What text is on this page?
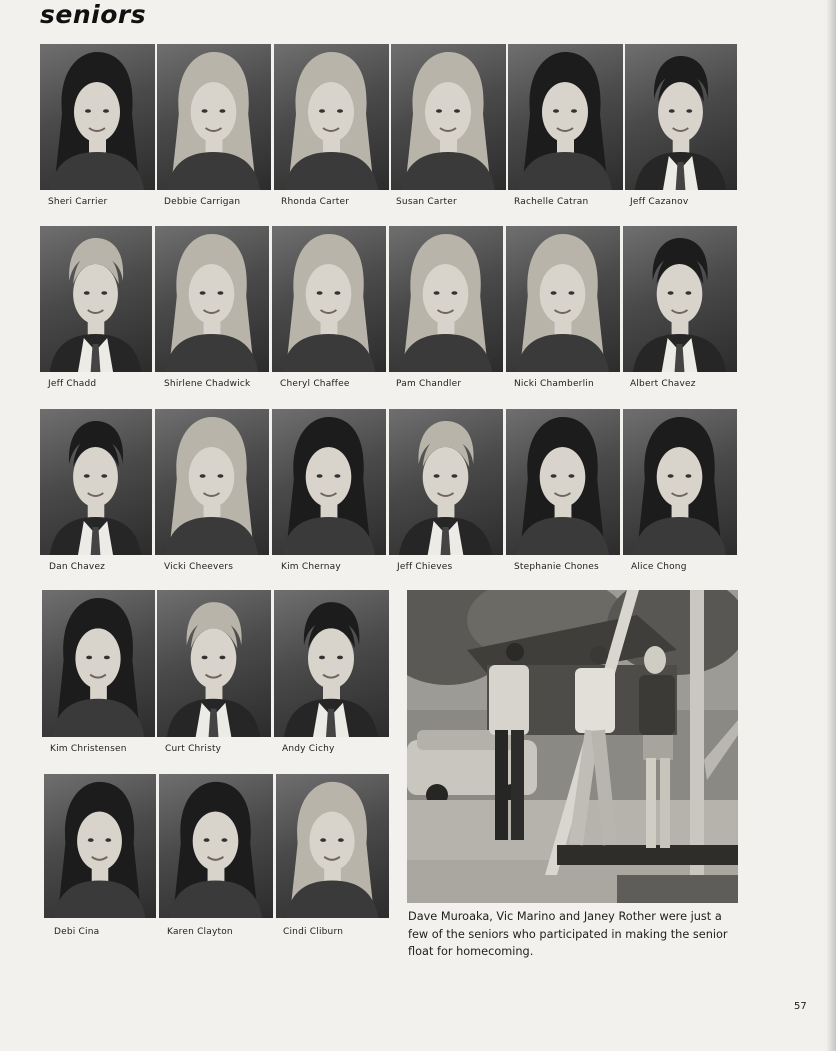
seniors
Sheri Carrier	Debbie Carrigan	Rhonda Carter	Susan Carter	Rachelle Catran	Jeff Cazanov
Jeff Chadd	Shirlene Chadwick	Cheryl Chaffee	Pam Chandler	Nicki Chamberlin	Albert Chavez
Dan Chavez	Vicki Cheevers	Kim Chernay	Jeff Chieves	Stephanie Chones	Alice Chong
Kim Christensen	Curt Christy	Andy Cichy
Debi Cina	Karen Clayton	Cindi Cliburn
Dave Muroaka, Vic Marino and Janey Rother were just a few of the seniors who participated in making the senior float for homecoming.
57
